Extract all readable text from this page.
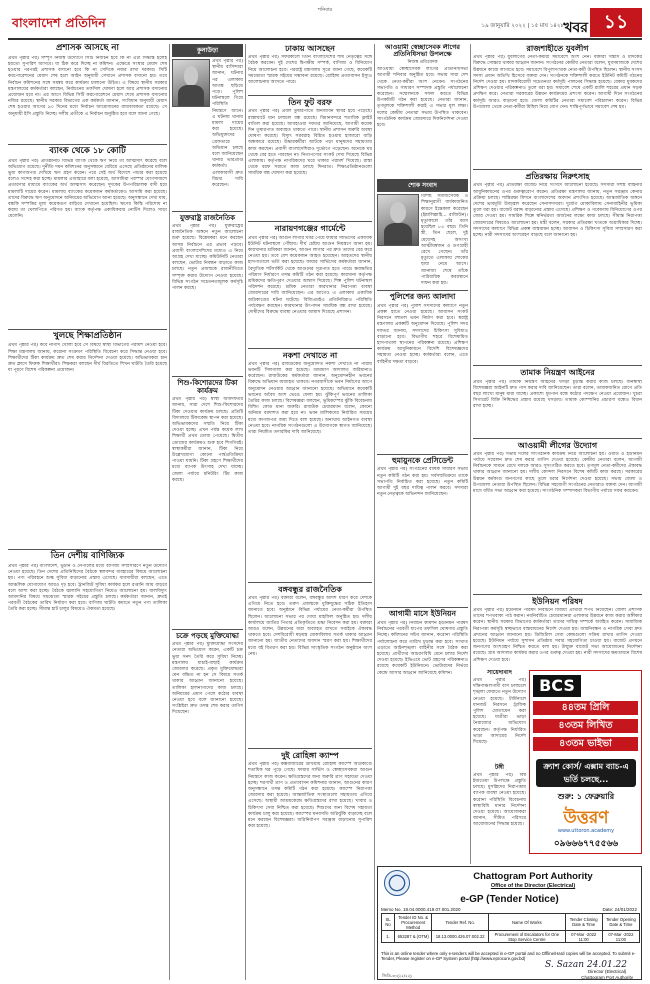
শনিবার
বাংলাদেশ প্রতিদিন	১৯ জানুয়ারি ২০২২ | ১৫ মাঘ ১৪২৮ খবর ১১
প্রশাসক আসছে না
প্রথম পৃষ্ঠার পর) সম্পূর্ণ নিজস্ব উদ্যোগে সিটি নির্বাচন হবে কি না এটা সিদ্ধান্ত হলেই হয়তো সুপারিশ আসবে। যা ঠিক করে দিচ্ছে না কমিশন। এক্ষেত্রে সংস্থার মেয়াদ শেষ হওয়ার পরপরই প্রশাসক বসানো হবে কি না সেদিকে নজর রাখা দরকার। সিটি করপোরেশনের মেয়াদ শেষ হলে আইন অনুযায়ী সেখানে প্রশাসক বসানো হয়। তবে নির্বাচন কমিশনের সঙ্গে সমন্বয় করে কার্যক্রম চালানো উচিত। এ বিষয়ে স্থানীয় সরকার মন্ত্রণালয়ের কর্মকর্তারা বলছেন, নির্বাচনের তফসিল ঘোষণা হলে আর প্রশাসক বসানোর প্রয়োজন হবে না। এর আগে বিভিন্ন সিটি করপোরেশনে মেয়াদ শেষে প্রশাসক বসানোর নজির রয়েছে। স্থানীয় সরকার বিভাগের এক কর্মকর্তা জানান, সংবিধান অনুযায়ী মেয়াদ শেষ হওয়ার আগের ৯০ দিনের মধ্যে নির্বাচন আয়োজনের বাধ্যবাধকতা রয়েছে। সে অনুযায়ী ইসি প্রস্তুতি নিচ্ছে। দলীয় প্রতীকে এ নির্বাচন অনুষ্ঠিত হবে বলে জানা গেছে।
ব্যাংক থেকে ১৮ কোটি
প্রথম পৃষ্ঠার পর) প্রতিষ্ঠানটি বিভিন্ন ব্যাংক থেকে ঋণ নিয়ে তা আত্মসাৎ করেছে বলে অভিযোগ রয়েছে। দুর্নীতি দমন কমিশনের অনুসন্ধানে বেরিয়ে এসেছে প্রতিষ্ঠানের মালিক ভুয়া কাগজপত্র দেখিয়ে ঋণ গ্রহণ করেন। পরে সেই অর্থ বিদেশে পাচার করা হয়েছে বলেও সন্দেহ করা হচ্ছে। মামলার এজাহারে বলা হয়েছে, আসামিরা পরস্পর যোগসাজশে প্রতারণার মাধ্যমে ব্যাংকের অর্থ আত্মসাৎ করেছেন। দুদকের উপপরিচালক বাদী হয়ে মামলাটি দায়ের করেন। মামলায় ব্যাংকের কয়েকজন কর্মকর্তাকেও আসামি করা হয়েছে। তাদের বিরুদ্ধে ঋণ অনুমোদনে অনিয়মের অভিযোগ আনা হয়েছে। অনুসন্ধানে দেখা যায়, বন্ধকি সম্পত্তির মূল্য কয়েকগুণ বাড়িয়ে দেখানো হয়েছিল। ঋণের কিস্তি পরিশোধ না করায় তা খেলাপিতে পরিণত হয়। ব্যাংক কর্তৃপক্ষ একাধিকবার নোটিস দিলেও সাড়া মেলেনি।
খুলছে শিক্ষাপ্রতিষ্ঠান
প্রথম পৃষ্ঠার পর) কবে নাগাদ খোলা হবে সে বিষয়ে স্বাস্থ্য বিভাগের পরামর্শ নেওয়া হবে। শিক্ষা মন্ত্রণালয় জানায়, করোনা সংক্রমণ পরিস্থিতি বিবেচনা করে সিদ্ধান্ত নেওয়া হবে। শিক্ষার্থীদের টিকা কার্যক্রম দ্রুত শেষ করার নির্দেশনা দেওয়া হয়েছে। অভিভাবকরা চান দ্রুত ক্লাসে ফিরুক শিক্ষার্থীরা। শিক্ষকরা বলছেন দীর্ঘ বিরতিতে শিখন ঘাটতি তৈরি হয়েছে যা পূরণে বিশেষ পরিকল্পনা প্রয়োজন।
তিন দেশীয় বাণিজ্যিক
প্রথম পৃষ্ঠার পর) বাংলাদেশ, ভুটান ও নেপালের মধ্যে বাণিজ্য সম্প্রসারণে নতুন উদ্যোগ নেওয়া হয়েছে। তিন দেশের প্রতিনিধিদের বৈঠকে স্থলবন্দর ব্যবহারের বিষয়ে আলোচনা হয়। পণ্য পরিবহনে শুল্ক সুবিধা বাড়ানোর প্রস্তাব এসেছে। ব্যবসায়ীরা বলছেন, এতে আঞ্চলিক যোগাযোগ আরও দৃঢ় হবে। ট্রানজিট সুবিধা কার্যকর হলে রপ্তানি আয় বাড়বে বলে আশা করা হচ্ছে। বৈঠকে জ্বালানি সহযোগিতা নিয়েও আলোচনা হয়। জলবিদ্যুৎ আমদানির বিষয়ে সমঝোতা স্মারক সইয়ের প্রস্তুতি চলছে। কর্মকর্তারা জানান, দ্রুতই পরবর্তী বৈঠকের তারিখ নির্ধারণ করা হবে। বাণিজ্য ঘাটতি কমাতে নতুন পণ্য তালিকা তৈরি করা হচ্ছে। সীমান্ত হাট চালুর বিষয়েও ঐকমত্য হয়েছে।
কুলাউড়া
প্রথম পৃষ্ঠার পর) স্থানীয় বাসিন্দারা জানান, ঘটনার পর এলাকায় আতঙ্ক ছড়িয়ে পড়ে। পুলিশ ঘটনাস্থলে গিয়ে পরিস্থিতি নিয়ন্ত্রণে আনে। এ ঘটনায় থানায় মামলা দায়ের করা হয়েছে। অভিযুক্তদের গ্রেফতারে অভিযান চলছে বলে জানিয়েছেন থানার ভারপ্রাপ্ত কর্মকর্তা। এলাকাবাসী দ্রুত বিচার দাবি করেছেন।
যুক্তরাষ্ট্র রাজনৈতিক
প্রথম পৃষ্ঠার পর) যুক্তরাষ্ট্রের রাজনৈতিক অঙ্গনে নতুন আলোচনা শুরু হয়েছে। বিশ্লেষকরা মনে করছেন আসন্ন নির্বাচনে এর প্রভাব পড়বে। প্রবাসী বাংলাদেশিদের মধ্যেও এ নিয়ে আগ্রহ দেখা যাচ্ছে। কমিউনিটি নেতারা বলছেন, ভোটার নিবন্ধন বাড়াতে কাজ চলছে। নতুন প্রজন্মকে রাজনীতিতে সম্পৃক্ত করার উদ্যোগ নেওয়া হয়েছে। বিভিন্ন সংগঠন সচেতনতামূলক কর্মসূচি পালন করছে।
শিশু-কিশোরদের টিকা কার্যক্রম
প্রথম পৃষ্ঠার পর) স্বাস্থ্য অধিদফতর জানায়, সারা দেশে শিশু-কিশোরদের টিকা দেওয়ার কার্যক্রম চলছে। প্রতিটি বিদ্যালয়ে টিকাকেন্দ্র স্থাপন করা হয়েছে। অভিভাবকদের সম্মতি নিয়ে টিকা দেওয়া হচ্ছে। এখন পর্যন্ত কয়েক লাখ শিক্ষার্থী প্রথম ডোজ পেয়েছে। দ্বিতীয় ডোজের কার্যক্রমও শুরু হবে শিগগিরই। স্বাস্থ্যকর্মীরা জানান, টিকা নিয়ে উল্লেখযোগ্য কোনো পার্শ্বপ্রতিক্রিয়া পাওয়া যায়নি। টিকা গ্রহণে শিক্ষার্থীদের মধ্যে ব্যাপক উৎসাহ দেখা যাচ্ছে। জেলা পর্যায়ে মনিটরিং টিম কাজ করছে।
চক্রে পড়ছে মুক্তিযোদ্ধা
প্রথম পৃষ্ঠার পর) মুক্তিযোদ্ধা সংসদের নেতারা অভিযোগ করেন, একটি চক্র ভুয়া সনদ তৈরি করে সুবিধা নিচ্ছে। মন্ত্রণালয় যাচাই-বাছাই কার্যক্রম জোরদার করেছে। প্রকৃত মুক্তিযোদ্ধারা যেন বঞ্চিত না হন সে বিষয়ে সতর্ক থাকার আহ্বান জানানো হয়েছে। তালিকা হালনাগাদের কাজ চলছে। অনিয়মের প্রমাণ পেলে কঠোর ব্যবস্থা নেওয়া হবে বলে জানানো হয়েছে। সংশ্লিষ্টরা দ্রুত তদন্ত শেষ করার তাগিদ দিয়েছেন।
ঢাকায় আসছেন
প্রথম পৃষ্ঠার পর) সফরকালে তিনি বাংলাদেশের শীর্ষ নেতৃত্বের সঙ্গে বৈঠক করবেন। দুই দেশের দ্বিপক্ষীয় সম্পর্ক, বাণিজ্য ও বিনিয়োগ নিয়ে আলোচনা হবে। পররাষ্ট্র মন্ত্রণালয় সূত্রে জানা গেছে, কয়েকটি সমঝোতা স্মারক সইয়ের সম্ভাবনা রয়েছে। রোহিঙ্গা প্রত্যাবাসন ইস্যুও আলোচনায় আসতে পারে।
তিন ফুট বরফ
প্রথম পৃষ্ঠার পর) প্রবল তুষারপাতে জনজীবন স্থবির হয়ে পড়েছে। রাস্তাঘাটে যান চলাচল বন্ধ রয়েছে। বিমানবন্দরে শতাধিক ফ্লাইট বাতিল করা হয়েছে। আবহাওয়া দফতর জানিয়েছে, আগামী কয়েক দিন তুষারপাত অব্যাহত থাকতে পারে। স্থানীয় প্রশাসন জরুরি অবস্থা ঘোষণা করেছে। বিদ্যুৎ সরবরাহ বিঘ্নিত হওয়ায় হাজারো বাড়ি অন্ধকারে রয়েছে। উদ্ধারকর্মীরা আটকে পড়া মানুষদের সহায়তায় কাজ করছেন। প্রবাসী বাংলাদেশিরাও দুর্ভোগে পড়েছেন। অনেকে ঘর থেকে বের হতে পারছেন না। নিত্যপণ্যের সংকট দেখা দিয়েছে বিভিন্ন এলাকায়। কর্তৃপক্ষ নাগরিকদের ঘরে থাকার পরামর্শ দিয়েছে। রাস্তা থেকে বরফ সরাতে কাজ চলছে দিনরাত। শিক্ষাপ্রতিষ্ঠানগুলো সাময়িক বন্ধ ঘোষণা করা হয়েছে।
নারায়ণগঞ্জের গার্মেন্টে
প্রথম পৃষ্ঠার পর) আগুন লাগার খবর পেয়ে ফায়ার সার্ভিসের একাধিক ইউনিট ঘটনাস্থলে পৌঁছায়। দীর্ঘ চেষ্টায় আগুন নিয়ন্ত্রণে আনা হয়। কারখানার শ্রমিকরা জানান, আগুন লাগার পর দ্রুত তাদের বের করে নেওয়া হয়। তবে বেশ কয়েকজন আহত হয়েছেন। আহতদের স্থানীয় হাসপাতালে ভর্তি করা হয়েছে। ফায়ার সার্ভিসের কর্মকর্তারা জানান, বৈদ্যুতিক শর্টসার্কিট থেকে আগুনের সূত্রপাত হতে পারে। ক্ষয়ক্ষতির পরিমাণ নির্ধারণে তদন্ত কমিটি গঠন করা হয়েছে। কারখানা কর্তৃপক্ষ শ্রমিকদের ক্ষতিপূরণ দেওয়ার আশ্বাস দিয়েছে। শিল্প পুলিশ ঘটনাস্থল পরিদর্শন করেছে। শ্রমিক নেতারা কারখানার নিরাপত্তা ব্যবস্থা জোরদারের দাবি জানিয়েছেন। এর আগেও এ এলাকায় একাধিক অগ্নিকাণ্ডের ঘটনা ঘটেছে। বিজিএমইএ প্রতিনিধিরাও পরিস্থিতি পর্যবেক্ষণ করছেন। কারখানার উৎপাদন সাময়িক বন্ধ রাখা হয়েছে। দোষীদের বিরুদ্ধে ব্যবস্থা নেওয়ার আশ্বাস দিয়েছে প্রশাসন।
নকশা দেখাতে না
প্রথম পৃষ্ঠার পর) রাজউকের অনুমোদিত নকশা দেখাতে না পারায় ভবনটি সিলগালা করা হয়েছে। ভ্রাম্যমাণ আদালত জরিমানাও করেছেন। রাজউকের কর্মকর্তারা জানান, অনুমোদনহীন ভবনের বিরুদ্ধে অভিযান অব্যাহত থাকবে। নগরবাসীকে ভবন নির্মাণের আগে অনুমোদন নেওয়ার আহ্বান জানানো হয়েছে। অভিযানে কয়েকটি ভবনের অবৈধ অংশ ভেঙে ফেলা হয়। ঝুঁকিপূর্ণ ভবনের তালিকা তৈরির কাজ চলছে। বিশেষজ্ঞরা বলছেন, ভূমিকম্পের ঝুঁকি বিবেচনায় বিল্ডিং কোড মানা জরুরি। রাজউক চেয়ারম্যান বলেন, কোনো অনিয়ম বরদাশত করা হবে না। ভবন মালিকদের নির্ধারিত সময়ের মধ্যে কাগজপত্র জমা দিতে বলা হয়েছে। অন্যথায় আইনগত ব্যবস্থা নেওয়া হবে। নাগরিক সংগঠনগুলো এ উদ্যোগকে স্বাগত জানিয়েছে। তারা নিয়মিত তদারকির দাবি জানিয়েছে।
বঙ্গবন্ধুর রাজনৈতিক
প্রথম পৃষ্ঠার পর) বক্তারা বলেন, বঙ্গবন্ধুর আদর্শ ধারণ করে দেশকে এগিয়ে নিতে হবে। তরুণ প্রজন্মকে মুক্তিযুদ্ধের সঠিক ইতিহাস জানাতে হবে। অনুষ্ঠানে বিভিন্ন পর্যায়ের নেতা-কর্মীরা উপস্থিত ছিলেন। আলোচনা সভার পর দোয়া মাহফিল অনুষ্ঠিত হয়। দলীয় কার্যালয়ে জাতির পিতার প্রতিকৃতিতে শ্রদ্ধা নিবেদন করা হয়। বক্তারা আরও বলেন, উন্নয়নের ধারা অব্যাহত রাখতে সবাইকে ঐক্যবদ্ধ থাকতে হবে। দেশবিরোধী ষড়যন্ত্র মোকাবিলায় সতর্ক থাকার আহ্বান জানানো হয়। জাতীয় নেতাদের অবদান স্মরণ করা হয়। শিক্ষার্থীদের মধ্যে বই বিতরণ করা হয়। বিভিন্ন সাংস্কৃতিক সংগঠন অনুষ্ঠানে অংশ নেয়।
দুই রোহিঙ্গা ক্যাম্প
প্রথম পৃষ্ঠার পর) কক্সবাজারের উখিয়ায় রোহিঙ্গা ক্যাম্পে অগ্নিকাণ্ডে শতাধিক ঘর পুড়ে গেছে। ফায়ার সার্ভিস ও স্বেচ্ছাসেবকরা আগুন নিয়ন্ত্রণে কাজ করেন। ক্ষতিগ্রস্তদের জন্য জরুরি ত্রাণ সহায়তা দেওয়া হচ্ছে। শরণার্থী ত্রাণ ও প্রত্যাবাসন কমিশনার জানান, আগুনের কারণ অনুসন্ধানে তদন্ত কমিটি গঠন করা হয়েছে। ক্যাম্পে নিরাপত্তা জোরদার করা হয়েছে। আন্তর্জাতিক সংস্থাগুলো সহায়তায় এগিয়ে এসেছে। অস্থায়ী আশ্রয়কেন্দ্রে ক্ষতিগ্রস্তদের রাখা হয়েছে। খাবার ও চিকিৎসা সেবা নিশ্চিত করা হয়েছে। শিশুদের জন্য বিশেষ সহায়তা কার্যক্রম চালু করা হয়েছে। ক্যাম্পের ঘনবসতি অগ্নিঝুঁকি বাড়াচ্ছে বলে মনে করছেন বিশেষজ্ঞরা। অগ্নিনির্বাপণ সরঞ্জাম বাড়ানোর সুপারিশ করা হয়েছে।
আওয়ামী স্বেচ্ছাসেবক লীগের প্রতিনিধিসভা উপলক্ষে
নিজস্ব প্রতিবেদক
আওয়ামী স্বেচ্ছাসেবক লীগের প্রতিনিধিসভা আগামী শনিবার অনুষ্ঠিত হবে। সভায় সারা দেশ থেকে নেতা-কর্মীরা অংশ নেবেন। সংগঠনের সভাপতি ও সাধারণ সম্পাদক প্রস্তুতি পর্যালোচনা করেছেন। সম্মেলনকে সফল করতে বিভিন্ন উপকমিটি গঠন করা হয়েছে। নেতারা জানান, তৃণমূলকে শক্তিশালী করাই এ সভার মূল লক্ষ্য। দলের কেন্দ্রীয় নেতারা সভায় উপস্থিত থাকবেন। সাংগঠনিক কার্যক্রম জোরদারে দিকনির্দেশনা দেওয়া হবে।
শোক সংবাদ
বিশিষ্ট সমাজসেবক ও শিক্ষানুরাগী বার্ধক্যজনিত কারণে ইন্তেকাল করেছেন (ইন্নালিল্লাহি... রাজিউন)। মৃত্যুকালে তাঁর বয়স হয়েছিল ৮৫ বছর। তিনি স্ত্রী, তিন ছেলে, দুই মেয়েসহ অসংখ্য আত্মীয়স্বজন ও গুণগ্রাহী রেখে গেছেন। তাঁর মৃত্যুতে এলাকায় শোকের ছায়া নেমে আসে। জানাজা শেষে তাঁকে পারিবারিক কবরস্থানে দাফন করা হয়।
পুলিশের জন্য আলাদা
প্রথম পৃষ্ঠার পর) পুলিশ সদস্যদের কল্যাণে নতুন প্রকল্প হাতে নেওয়া হয়েছে। আবাসন সংকট নিরসনে বহুতল ভবন নির্মাণ করা হবে। স্বরাষ্ট্র মন্ত্রণালয় প্রকল্পটি অনুমোদন দিয়েছে। পুলিশ সদর দফতর জানায়, সদস্যদের চিকিৎসা সুবিধাও বাড়ানো হবে। বিভাগীয় শহরে বিশেষায়িত হাসপাতাল স্থাপনের পরিকল্পনা রয়েছে। প্রশিক্ষণ কার্যক্রম আধুনিকায়নে বিদেশি বিশেষজ্ঞদের সহায়তা নেওয়া হচ্ছে। কর্মকর্তারা বলেন, এতে বাহিনীর দক্ষতা বাড়বে।
হুমায়ুনকে প্রেসিডেন্ট
প্রথম পৃষ্ঠার পর) সংগঠনের বার্ষিক সাধারণ সভায় নতুন কমিটি গঠন করা হয়। সর্বসম্মতিক্রমে তাকে সভাপতি নির্বাচিত করা হয়েছে। নতুন কমিটি আগামী দুই বছর দায়িত্ব পালন করবে। সদস্যরা নতুন নেতৃত্বকে অভিনন্দন জানিয়েছেন।
আগামী মাসে ইউনিয়ন
প্রথম পৃষ্ঠার পর) নির্বাচন কমিশন ইউনিয়ন পরিষদ নির্বাচনের পরবর্তী ধাপের তফসিল ঘোষণার প্রস্তুতি নিচ্ছে। কমিশনের সচিব জানান, করোনা পরিস্থিতি পর্যালোচনা করে তারিখ চূড়ান্ত করা হবে। সংঘাত এড়াতে আইনশৃঙ্খলা বাহিনীর সঙ্গে বৈঠক করা হয়েছে। প্রার্থীদের আচরণবিধি মেনে চলার নির্দেশ দেওয়া হয়েছে। ইভিএমে ভোট গ্রহণের পরিকল্পনাও রয়েছে কয়েকটি ইউনিয়নে। ভোটারদের নির্ভয়ে কেন্দ্রে আসার আহ্বান জানিয়েছে কমিশন।
রাজশাহীতে যুবলীগ
প্রথম পৃষ্ঠার পর) যুবলীগের নেতা-কর্মীরা সমাবেশে অংশ নেন। বক্তারা সন্ত্রাস ও মাদকের বিরুদ্ধে সোচ্চার থাকার আহ্বান জানান। সংগঠনের কেন্দ্রীয় নেতারা বলেন, যুবসমাজকে দেশের উন্নয়নে কাজে লাগাতে হবে। সমাবেশে বিপুলসংখ্যক নেতা-কর্মী উপস্থিত ছিলেন। স্থানীয় সংসদ সদস্য প্রধান অতিথি হিসেবে বক্তব্য দেন। সংগঠনকে শক্তিশালী করতে ইউনিট কমিটি গঠনের নির্দেশ দেওয়া হয়। মাদকবিরোধী সচেতনতা কর্মসূচি পালনের সিদ্ধান্ত হয়েছে। বেকার যুবকদের প্রশিক্ষণ দেওয়ার পরিকল্পনাও তুলে ধরা হয়। সমাবেশ শেষে একটি র‌্যালি শহরের প্রধান সড়ক প্রদক্ষিণ করে। নেতারা সরকারের উন্নয়ন কার্যক্রমের প্রশংসা করেন। আগামী দিনে সংগঠনের কর্মসূচি আরও বাড়ানো হবে। জেলা কমিটির নেতারা সমাবেশ পরিচালনা করেন। বিভিন্ন উপজেলা থেকে নেতা-কর্মীরা মিছিল নিয়ে যোগ দেন। শান্তিপূর্ণভাবে সমাবেশ শেষ হয়।
প্রতিরক্ষায় নিরুৎসাহ
প্রথম পৃষ্ঠার পর) প্রতিরক্ষা বাজেট নিয়ে সংসদে আলোচনা হয়েছে। সদস্যরা সশস্ত্র বাহিনীর আধুনিকায়নের ওপর গুরুত্বারোপ করেন। প্রতিরক্ষা মন্ত্রণালয় জানায়, নতুন সরঞ্জাম কেনার প্রক্রিয়া চলছে। শান্তিরক্ষা মিশনে বাংলাদেশের অবদান প্রশংসিত হয়েছে। আন্তর্জাতিক অঙ্গনে দেশের ভাবমূর্তি উজ্জ্বল করেছেন সেনাসদস্যরা। দুর্যোগ মোকাবিলায় সেনাবাহিনীর ভূমিকা তুলে ধরা হয়। বাজেট বরাদ্দ বাড়ানোর প্রস্তাব এসেছে। প্রশিক্ষণ ও গবেষণায় বিনিয়োগের ওপর জোর দেওয়া হয়। সামরিক শিল্পে স্বনির্ভরতা অর্জনের লক্ষ্যে কাজ চলছে। সীমান্ত নিরাপত্তা জোরদারের বিষয়েও আলোচনা হয়। মন্ত্রী বলেন, সরকার প্রতিরক্ষা খাতকে অগ্রাধিকার দিচ্ছে। সদস্যদের কল্যাণে বিভিন্ন প্রকল্প বাস্তবায়ন হচ্ছে। আবাসন ও চিকিৎসা সুবিধা সম্প্রসারণ করা হচ্ছে। নারী সদস্যদের অংশগ্রহণ বাড়ছে বলে জানানো হয়।
তামাক নিয়ন্ত্রণ আইনের
প্রথম পৃষ্ঠার পর) তামাক নিয়ন্ত্রণ আইনের খসড়া চূড়ান্ত করার কাজ চলছে। জনস্বাস্থ্য বিশেষজ্ঞরা আইনটি দ্রুত পাস করার দাবি জানিয়েছেন। তারা বলেন, তামাকজনিত রোগে প্রতি বছর লাখো মানুষ মারা যাচ্ছে। প্রকাশ্যে ধূমপান বন্ধে কঠোর পদক্ষেপ নেওয়া প্রয়োজন। খুচরা সিগারেট বিক্রি নিষিদ্ধের প্রস্তাব রয়েছে খসড়ায়। তামাক কোম্পানির প্রচারণা বন্ধেও বিধান রাখা হচ্ছে।
আওয়ামী লীগের উদ্যোগ
প্রথম পৃষ্ঠার পর) সভায় দলের সাংগঠনিক কার্যক্রম নিয়ে আলোচনা হয়। ওয়ার্ড ও ইউনিয়ন পর্যায়ে সম্মেলন দ্রুত শেষ করার তাগিদ দেওয়া হয়েছে। কেন্দ্রীয় নেতারা বলেন, আগামী নির্বাচনকে সামনে রেখে দলকে আরও সুসংগঠিত করতে হবে। তৃণমূল নেতা-কর্মীদের ঐক্যবদ্ধ থাকার আহ্বান জানানো হয়। দলীয় কোন্দল নিরসনে বিশেষ কমিটি কাজ করছে। সরকারের উন্নয়ন কর্মকাণ্ড জনগণের কাছে তুলে ধরার নির্দেশনা দেওয়া হয়েছে। সভায় জেলা ও উপজেলা নেতারা উপস্থিত ছিলেন। বিভিন্ন সহযোগী সংগঠনের নেতারাও বক্তব্য দেন। আগামী মাসে বর্ধিত সভা আহ্বান করা হয়েছে। সাংগঠনিক সম্পাদকরা বিভাগীয় পর্যায়ে সফর করবেন।
ইউনিয়ন পরিষদ
প্রথম পৃষ্ঠার পর) ইউনিয়ন পরিষদ নির্বাচনে বিজয়ী প্রার্থীরা শপথ নিয়েছেন। জেলা প্রশাসক তাদের শপথবাক্য পাঠ করান। নবনির্বাচিত চেয়ারম্যানরা এলাকার উন্নয়নে কাজ করার অঙ্গীকার করেন। স্থানীয় সরকার বিভাগের কর্মকর্তারা তাদের দায়িত্ব সম্পর্কে অবহিত করেন। সামাজিক নিরাপত্তা কর্মসূচি স্বচ্ছভাবে বাস্তবায়নের নির্দেশ দেওয়া হয়। জন্মনিবন্ধন ও নাগরিক সেবা দ্রুত প্রদানের আহ্বান জানানো হয়। ডিজিটাল সেবা কেন্দ্রগুলো সক্রিয় রাখার তাগিদ দেওয়া হয়েছে। ইউনিয়ন পর্যায়ে সুশাসন প্রতিষ্ঠায় সবার সহযোগিতা চাওয়া হয়। বাজেট প্রণয়নে জনগণের অংশগ্রহণ নিশ্চিত করতে বলা হয়। উন্মুক্ত বাজেট সভা আয়োজনের নির্দেশনা রয়েছে। গ্রাম আদালত কার্যকর করার ওপর গুরুত্ব দেওয়া হয়। নারী সদস্যদের ক্ষমতায়নে বিশেষ প্রশিক্ষণ দেওয়া হবে।
সায়েদাবাদ
প্রথম পৃষ্ঠার পর) দক্ষিণাঞ্চলগামী বাস চলাচলে শৃঙ্খলা ফেরাতে নতুন উদ্যোগ নেওয়া হয়েছে। টার্মিনালে যানজট নিরসনে ট্রাফিক পুলিশ মোতায়েন করা হয়েছে। যাত্রীরা ভাড়া নৈরাজ্যের অভিযোগ করেছেন। কর্তৃপক্ষ নির্ধারিত ভাড়া আদায়ের নির্দেশ দিয়েছে।
টঙ্গী
প্রথম পৃষ্ঠার পর) বিশ্ব ইজতেমা উপলক্ষে প্রস্তুতি চলছে। মুসল্লিদের নিরাপত্তায় ব্যাপক ব্যবস্থা নেওয়া হয়েছে। করোনা পরিস্থিতি বিবেচনায় স্বাস্থ্যবিধি মানার নির্দেশনা দেওয়া হয়েছে। আয়োজকরা জানান, সীমিত পরিসরে আয়োজনের সিদ্ধান্ত হয়েছে।
BCS
৪৪তম প্রিলি
৪৩তম লিখিত
৪৩তম ভাইভা
ক্র্যাশ কোর্স/ এক্সাম ব্যাচ-এ ভর্তি চলছে...
শুরু: ১ ফেব্রুয়ারি
উত্তরণ
www.uttoron.academy
০৯৬৬৬৭৭৫৫৬৬
Chattogram Port Authority
Office of the Director (Electrical)
e-GP (Tender Notice)
Memo No. 18.04.0000.419.07.001.2020	Date: 24/01/2022
SL No	Tender ID No. & Procurement Method	Tender Ref. No.	Name Of Works	Tender Closing Date & Time	Tender Opening Date & Time
1.	653287 & (OTM)	18.13.0000.426.07.002.22	Procurement of Escalators for One Stop Service Centre	07-Mar -2022 11:00	07-Mar -2022 11:00
This is an online tender where only e-tenders will be accepted in e-GP portal and no Offline/Hard copies will be accepted. To submit e-Tender, Please register on e-GP System portal (http://www.eprocure.gov.bd)
S. Sazan 24.01.22
Director (Electrical)
Chattogram Port Authority
জিডি-৩০(২২/২২)
